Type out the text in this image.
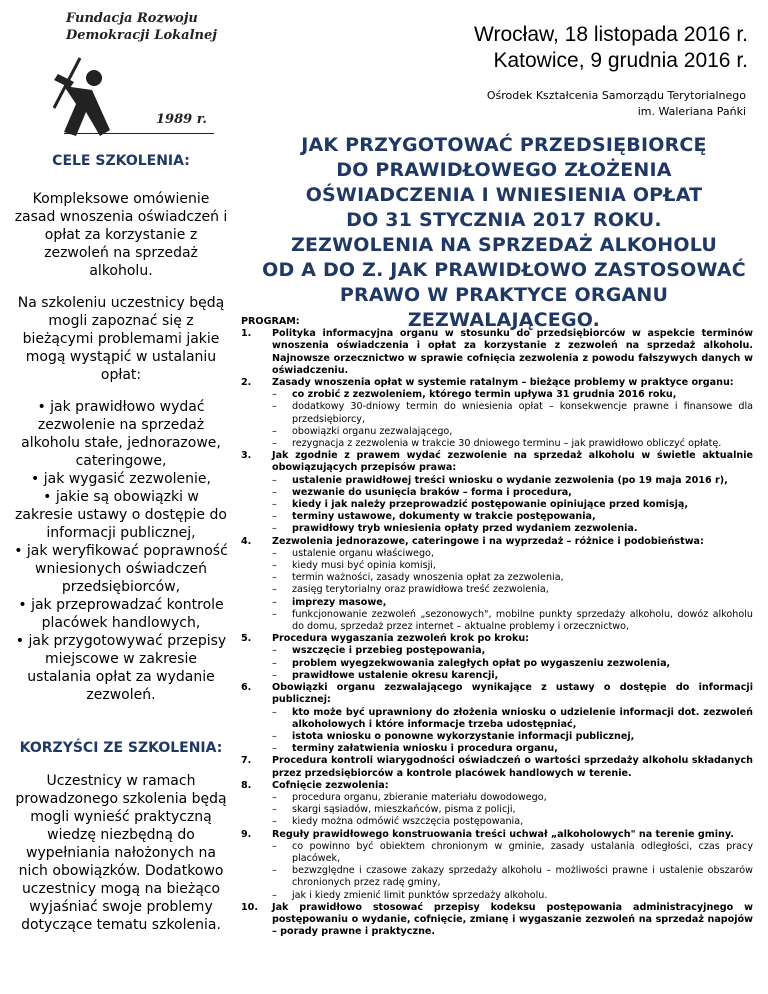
Fundacja Rozwoju
Demokracji Lokalnej
1989 r.
Wrocław, 18 listopada 2016 r.
Katowice, 9 grudnia 2016 r.
Ośrodek Kształcenia Samorządu Terytorialnego
im. Waleriana Pańki
JAK PRZYGOTOWAĆ PRZEDSIĘBIORCĘ
DO PRAWIDŁOWEGO ZŁOŻENIA
OŚWIADCZENIA I WNIESIENIA OPŁAT
DO 31 STYCZNIA 2017 ROKU.
ZEZWOLENIA NA SPRZEDAŻ ALKOHOLU
OD A DO Z. JAK PRAWIDŁOWO ZASTOSOWAĆ
PRAWO W PRAKTYCE ORGANU
ZEZWALAJĄCEGO.
CELE SZKOLENIA:
Kompleksowe omówienie zasad wnoszenia oświadczeń i opłat za korzystanie z zezwoleń na sprzedaż alkoholu.
Na szkoleniu uczestnicy będą mogli zapoznać się z bieżącymi problemami jakie mogą wystąpić w ustalaniu opłat:
• jak prawidłowo wydać zezwolenie na sprzedaż alkoholu stałe, jednorazowe, cateringowe,
• jak wygasić zezwolenie,
• jakie są obowiązki w zakresie ustawy o dostępie do informacji publicznej,
• jak weryfikować poprawność wniesionych oświadczeń przedsiębiorców,
• jak przeprowadzać kontrole placówek handlowych,
• jak przygotowywać przepisy miejscowe w zakresie ustalania opłat za wydanie zezwoleń.
KORZYŚCI ZE SZKOLENIA:
Uczestnicy w ramach prowadzonego szkolenia będą mogli wynieść praktyczną wiedzę niezbędną do wypełniania nałożonych na nich obowiązków. Dodatkowo uczestnicy mogą na bieżąco wyjaśniać swoje problemy dotyczące tematu szkolenia.
PROGRAM:
1.	Polityka informacyjna organu w stosunku do przedsiębiorców w aspekcie terminów wnoszenia oświadczenia i opłat za korzystanie z zezwoleń na sprzedaż alkoholu. Najnowsze orzecznictwo w sprawie cofnięcia zezwolenia z powodu fałszywych danych w oświadczeniu.
2.	Zasady wnoszenia opłat w systemie ratalnym – bieżące problemy w praktyce organu:
–	co zrobić z zezwoleniem, którego termin upływa 31 grudnia 2016 roku,
–	dodatkowy 30-dniowy termin do wniesienia opłat – konsekwencje prawne i finansowe dla przedsiębiorcy,
–	obowiązki organu zezwalającego,
–	rezygnacja z zezwolenia w trakcie 30 dniowego terminu – jak prawidłowo obliczyć opłatę.
3.	Jak zgodnie z prawem wydać zezwolenie na sprzedaż alkoholu w świetle aktualnie obowiązujących przepisów prawa:
–	ustalenie prawidłowej treści wniosku o wydanie zezwolenia (po 19 maja 2016 r),
–	wezwanie do usunięcia braków – forma i procedura,
–	kiedy i jak należy przeprowadzić postępowanie opiniujące przed komisją,
–	terminy ustawowe, dokumenty w trakcie postępowania,
–	prawidłowy tryb wniesienia opłaty przed wydaniem zezwolenia.
4.	Zezwolenia jednorazowe, cateringowe i na wyprzedaż – różnice i podobieństwa:
–	ustalenie organu właściwego,
–	kiedy musi być opinia komisji,
–	termin ważności, zasady wnoszenia opłat za zezwolenia,
–	zasięg terytorialny oraz prawidłowa treść zezwolenia,
–	imprezy masowe,
–	funkcjonowanie zezwoleń „sezonowych", mobilne punkty sprzedaży alkoholu, dowóz alkoholu do domu, sprzedaż przez internet – aktualne problemy i orzecznictwo,
5.	Procedura wygaszania zezwoleń krok po kroku:
–	wszczęcie i przebieg postępowania,
–	problem wyegzekwowania zaległych opłat po wygaszeniu zezwolenia,
–	prawidłowe ustalenie okresu karencji,
6.	Obowiązki organu zezwalającego wynikające z ustawy o dostępie do informacji publicznej:
–	kto może być uprawniony do złożenia wniosku o udzielenie informacji dot. zezwoleń alkoholowych i które informacje trzeba udostępniać,
–	istota wniosku o ponowne wykorzystanie informacji publicznej,
–	terminy załatwienia wniosku i procedura organu,
7.	Procedura kontroli wiarygodności oświadczeń o wartości sprzedaży alkoholu składanych przez przedsiębiorców a kontrole placówek handlowych w terenie.
8.	Cofnięcie zezwolenia:
–	procedura organu, zbieranie materiału dowodowego,
–	skargi sąsiadów, mieszkańców, pisma z policji,
–	kiedy można odmówić wszczęcia postępowania,
9.	Reguły prawidłowego konstruowania treści uchwał „alkoholowych" na terenie gminy.
–	co powinno być obiektem chronionym w gminie, zasady ustalania odległości, czas pracy placówek,
–	bezwzględne i czasowe zakazy sprzedaży alkoholu – możliwości prawne i ustalenie obszarów chronionych przez radę gminy,
–	jak i kiedy zmienić limit punktów sprzedaży alkoholu.
10.	Jak prawidłowo stosować przepisy kodeksu postępowania administracyjnego w postępowaniu o wydanie, cofnięcie, zmianę i wygaszanie zezwoleń na sprzedaż napojów – porady prawne i praktyczne.
